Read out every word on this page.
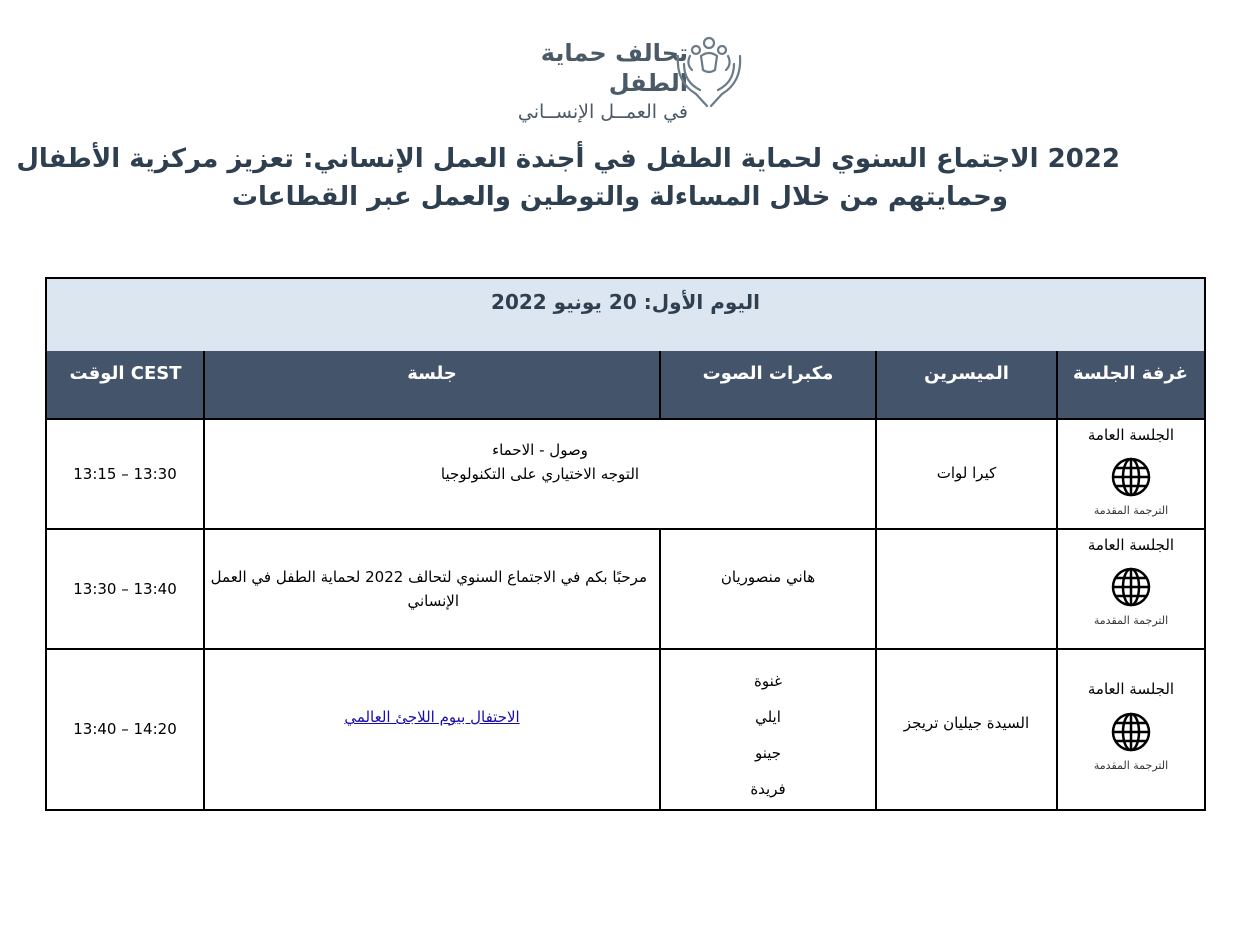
تحالف حماية الطفل
في العمــل الإنســاني
2022 الاجتماع السنوي لحماية الطفل في أجندة العمل الإنساني: تعزيز مركزية الأطفال
وحمايتهم من خلال المساءلة والتوطين والعمل عبر القطاعات
اليوم الأول: 20 يونيو 2022
غرفة الجلسة
الميسرين
مكبرات الصوت
جلسة
CEST الوقت
الجلسة العامة
الترجمة المقدمة
كيرا لوات
وصول - الاحماء
التوجه الاختياري على التكنولوجيا
13:15 – 13:30
الجلسة العامة
الترجمة المقدمة
هاني منصوريان
مرحبًا بكم في الاجتماع السنوي لتحالف 2022 لحماية الطفل في العمل
الإنساني
13:30 – 13:40
الجلسة العامة
الترجمة المقدمة
السيدة جيليان تريجز
غنوة
ايلي
جينو
فريدة
الاحتفال بيوم اللاجئ العالمي
13:40 – 14:20
